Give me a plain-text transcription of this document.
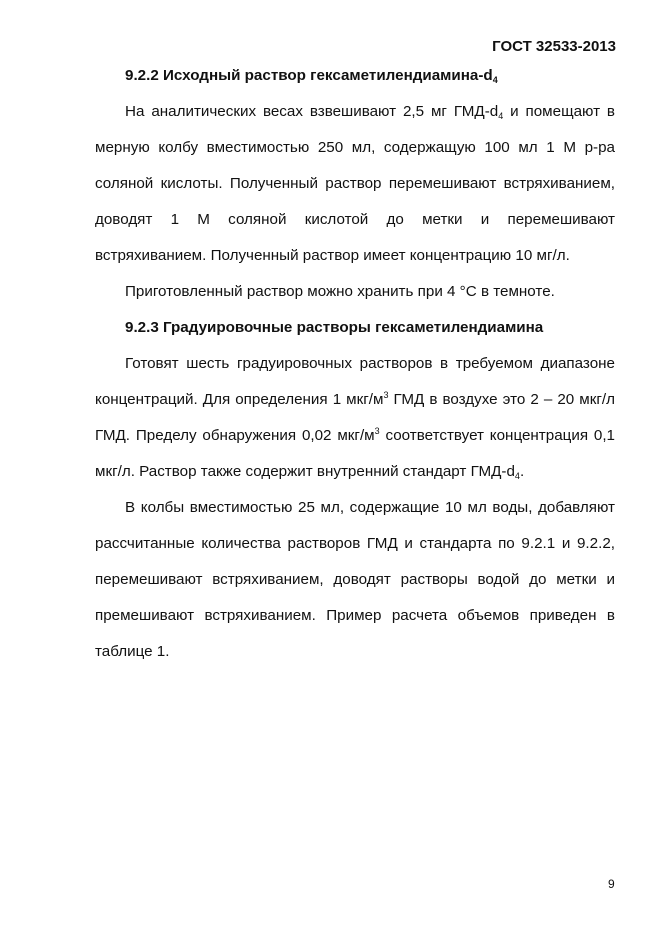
ГОСТ 32533-2013

9.2.2 Исходный раствор гексаметилендиамина-$d_4$

На аналитических весах взвешивают 2,5 мг ГМД-$d_4$ и помещают в мерную колбу вместимостью 250 мл, содержащую 100 мл 1 М р-ра соляной кислоты. Полученный раствор перемешивают встряхиванием, доводят 1 М соляной кислотой до метки и перемешивают встряхиванием. Полученный раствор имеет концентрацию 10 мг/л.

Приготовленный раствор можно хранить при 4 °С в темноте.

9.2.3 Градуировочные растворы гексаметилендиамина

Готовят шесть градуировочных растворов в требуемом диапазоне концентраций. Для определения 1 мкг/$м^3$ ГМД в воздухе это 2 – 20 мкг/л ГМД. Пределу обнаружения 0,02 мкг/$м^3$ соответствует концентрация 0,1 мкг/л. Раствор также содержит внутренний стандарт ГМД-$d_4$.

В колбы вместимостью 25 мл, содержащие 10 мл воды, добавляют рассчитанные количества растворов ГМД и стандарта по 9.2.1 и 9.2.2, перемешивают встряхиванием, доводят растворы водой до метки и премешивают встряхиванием. Пример расчета объемов приведен в таблице 1.

9
